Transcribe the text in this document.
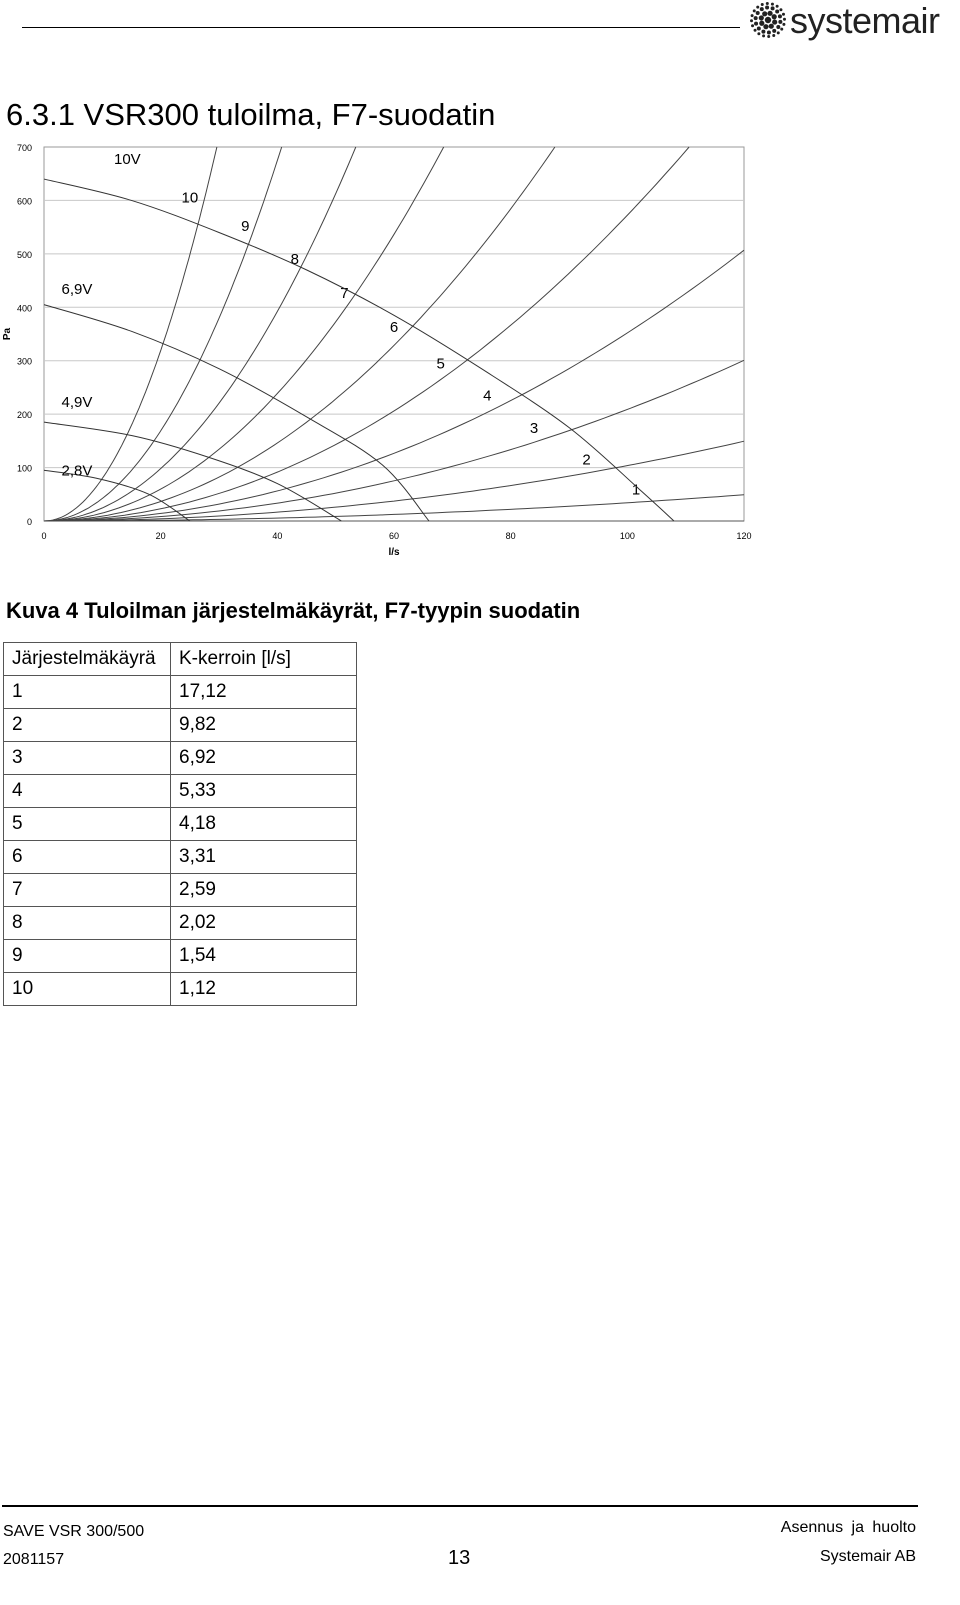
systemair
6.3.1 VSR300 tuloilma, F7-suodatin
0
100
200
300
400
500
600
700
0	20	40	60	80	100	120
l/s
Pa
1
2
3
4
5
6
7
8
9
10
10V
6,9V
4,9V
2,8V
Kuva 4 Tuloilman järjestelmäkäyrät, F7-tyypin suodatin
Järjestelmäkäyrä	K-kerroin [l/s]
1	17,12
2	9,82
3	6,92
4	5,33
5	4,18
6	3,31
7	2,59
8	2,02
9	1,54
10	1,12
SAVE VSR 300/500
2081157	13
Asennus ja huolto
Systemair AB
